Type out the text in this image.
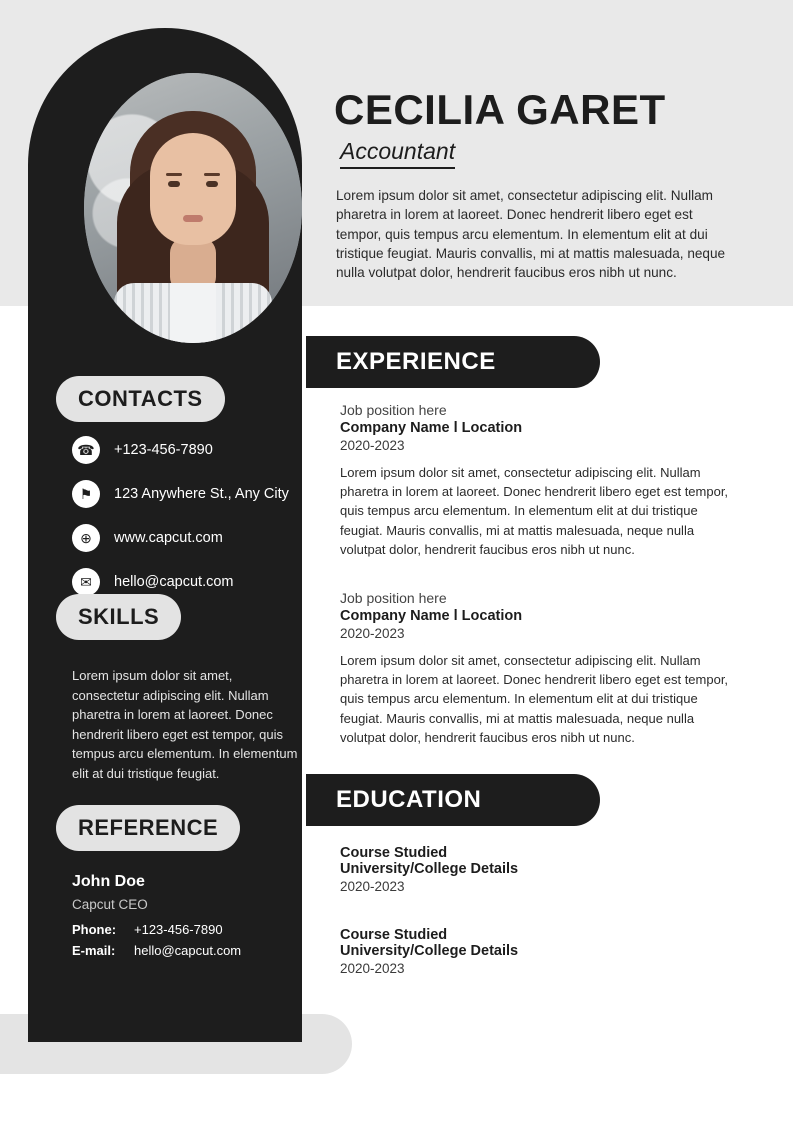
CONTACTS
☎	+123-456-7890
⚑	123 Anywhere St., Any City
⊕	www.capcut.com
✉	hello@capcut.com
SKILLS
Lorem ipsum dolor sit amet, consectetur adipiscing elit. Nullam pharetra in lorem at laoreet. Donec hendrerit libero eget est tempor, quis tempus arcu elementum. In elementum elit at dui tristique feugiat.
REFERENCE
John Doe
Capcut CEO
Phone:	+123-456-7890
E-mail:	hello@capcut.com
CECILIA GARET
Accountant
Lorem ipsum dolor sit amet, consectetur adipiscing elit. Nullam pharetra in lorem at laoreet. Donec hendrerit libero eget est tempor, quis tempus arcu elementum. In elementum elit at dui tristique feugiat. Mauris convallis, mi at mattis malesuada, neque nulla volutpat dolor, hendrerit faucibus eros nibh ut nunc.
EXPERIENCE
Job position here
Company Name l Location
2020-2023
Lorem ipsum dolor sit amet, consectetur adipiscing elit. Nullam pharetra in lorem at laoreet. Donec hendrerit libero eget est tempor, quis tempus arcu elementum. In elementum elit at dui tristique feugiat. Mauris convallis, mi at mattis malesuada, neque nulla volutpat dolor, hendrerit faucibus eros nibh ut nunc.
Job position here
Company Name l Location
2020-2023
Lorem ipsum dolor sit amet, consectetur adipiscing elit. Nullam pharetra in lorem at laoreet. Donec hendrerit libero eget est tempor, quis tempus arcu elementum. In elementum elit at dui tristique feugiat. Mauris convallis, mi at mattis malesuada, neque nulla volutpat dolor, hendrerit faucibus eros nibh ut nunc.
EDUCATION
Course Studied
University/College Details
2020-2023
Course Studied
University/College Details
2020-2023
